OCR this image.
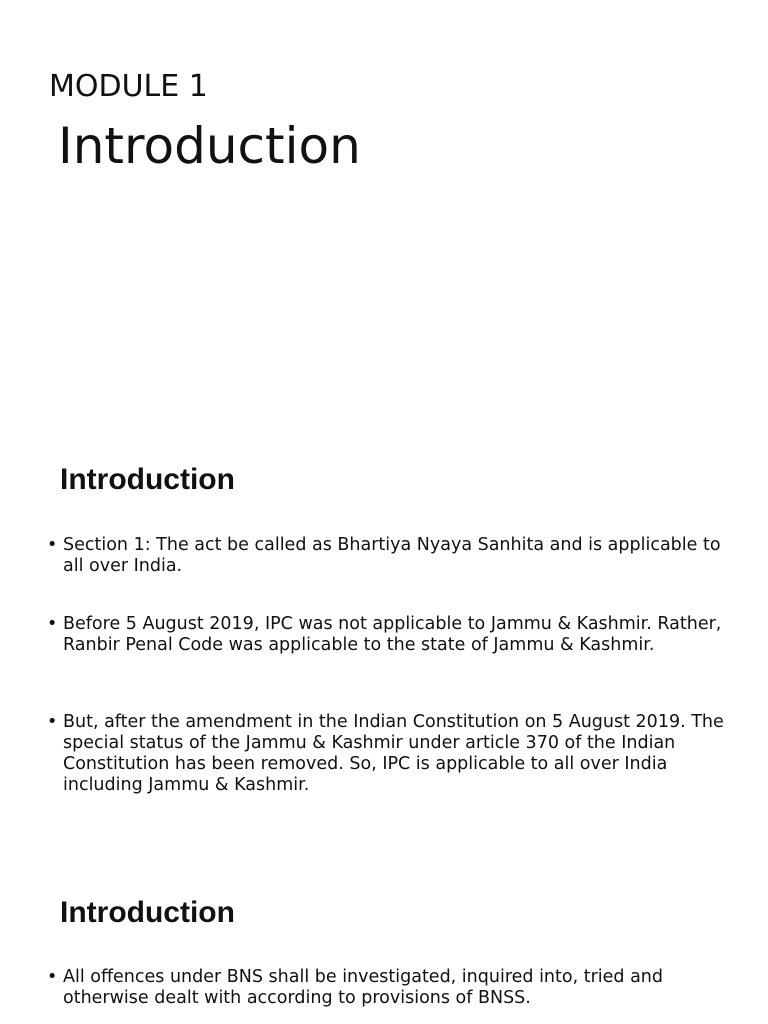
MODULE 1
Introduction
Introduction
• Section 1: The act be called as Bhartiya Nyaya Sanhita and is applicable to all over India.
• Before 5 August 2019, IPC was not applicable to Jammu & Kashmir. Rather, Ranbir Penal Code was applicable to the state of Jammu & Kashmir.
• But, after the amendment in the Indian Constitution on 5 August 2019. The special status of the Jammu & Kashmir under article 370 of the Indian Constitution has been removed. So, IPC is applicable to all over India including Jammu & Kashmir.
Introduction
• All offences under BNS shall be investigated, inquired into, tried and otherwise dealt with according to provisions of BNSS.
